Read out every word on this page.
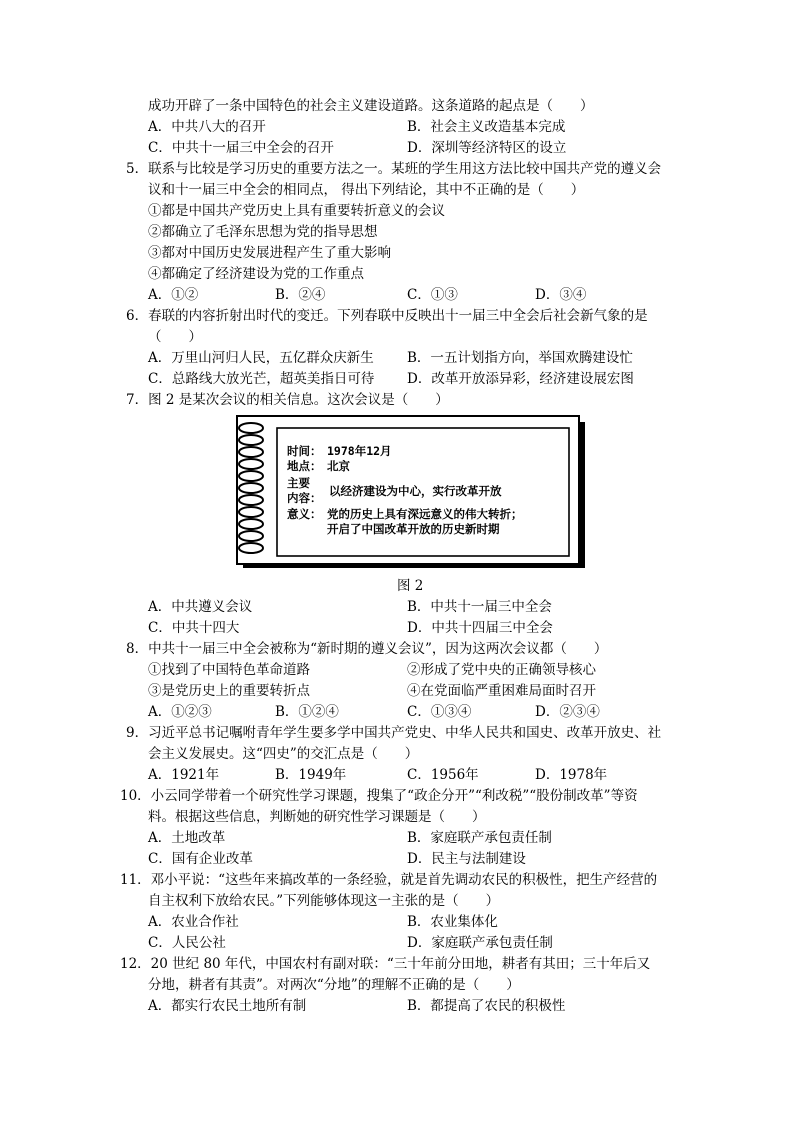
成功开辟了一条中国特色的社会主义建设道路。这条道路的起点是（　　）
A．中共八大的召开	B．社会主义改造基本完成
C．中共十一届三中全会的召开	D．深圳等经济特区的设立
5．联系与比较是学习历史的重要方法之一。某班的学生用这方法比较中国共产党的遵义会
议和十一届三中全会的相同点， 得出下列结论，其中不正确的是（　　）
①都是中国共产党历史上具有重要转折意义的会议
②都确立了毛泽东思想为党的指导思想
③都对中国历史发展进程产生了重大影响
④都确定了经济建设为党的工作重点
A．①②	B．②④	C．①③	D．③④
6．春联的内容折射出时代的变迁。下列春联中反映出十一届三中全会后社会新气象的是
（　　）
A．万里山河归人民，五亿群众庆新生 B．一五计划指方向，举国欢腾建设忙
C．总路线大放光芒，超英美指日可待 D．改革开放添异彩，经济建设展宏图
7．图 2 是某次会议的相关信息。这次会议是（　　）
时间： 1978年12月
地点： 北京
主要
内容： 以经济建设为中心，实行改革开放
意义： 党的历史上具有深远意义的伟大转折；
开启了中国改革开放的历史新时期
图 2
A．中共遵义会议	B．中共十一届三中全会
C．中共十四大	D．中共十四届三中全会
8．中共十一届三中全会被称为“新时期的遵义会议”，因为这两次会议都（　　）
①找到了中国特色革命道路	②形成了党中央的正确领导核心
③是党历史上的重要转折点	④在党面临严重困难局面时召开
A．①②③	B．①②④	C．①③④	D．②③④
9．习近平总书记嘱咐青年学生要多学中国共产党史、中华人民共和国史、改革开放史、社
会主义发展史。这“四史”的交汇点是（　　）
A．1921年	B．1949年	C．1956年	D．1978年
10．小云同学带着一个研究性学习课题，搜集了“政企分开”“利改税”“股份制改革”等资
料。根据这些信息，判断她的研究性学习课题是（　　）
A．土地改革	B．家庭联产承包责任制
C．国有企业改革	D．民主与法制建设
11．邓小平说：“这些年来搞改革的一条经验，就是首先调动农民的积极性，把生产经营的
自主权利下放给农民。”下列能够体现这一主张的是（　　）
A．农业合作社	B．农业集体化
C．人民公社	D．家庭联产承包责任制
12．20 世纪 80 年代，中国农村有副对联：“三十年前分田地，耕者有其田；三十年后又
分地，耕者有其责”。对两次“分地”的理解不正确的是（　　）
A．都实行农民土地所有制	B．都提高了农民的积极性
